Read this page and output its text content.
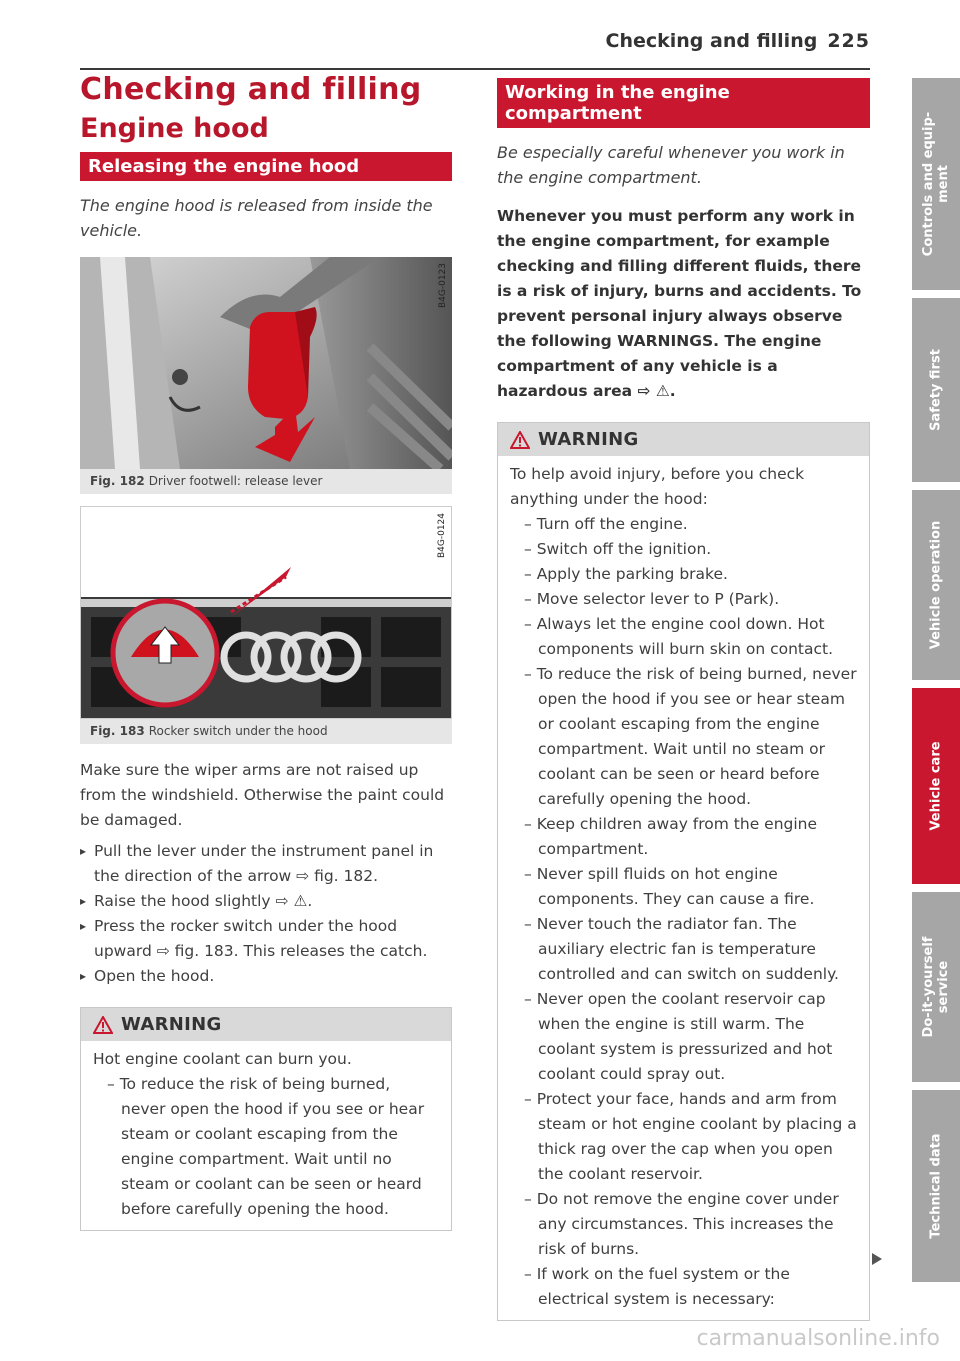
Checking and filling 225
Checking and filling
Engine hood
Releasing the engine hood
The engine hood is released from inside the vehicle.
B4G-0123
Fig. 182 Driver footwell: release lever
B4G-0124
Fig. 183 Rocker switch under the hood
Make sure the wiper arms are not raised up from the windshield. Otherwise the paint could be damaged.
▸ Pull the lever under the instrument panel in the direction of the arrow ⇨ fig. 182.
▸ Raise the hood slightly ⇨ ⚠.
▸ Press the rocker switch under the hood upward ⇨ fig. 183. This releases the catch.
▸ Open the hood.
WARNING
Hot engine coolant can burn you.
– To reduce the risk of being burned, never open the hood if you see or hear steam or coolant escaping from the engine compartment. Wait until no steam or coolant can be seen or heard before carefully opening the hood.
Working in the engine compartment
Be especially careful whenever you work in the engine compartment.
Whenever you must perform any work in the engine compartment, for example checking and filling different fluids, there is a risk of injury, burns and accidents. To prevent personal injury always observe the following WARNINGS. The engine compartment of any vehicle is a hazardous area ⇨ ⚠.
WARNING
To help avoid injury, before you check anything under the hood:
– Turn off the engine.
– Switch off the ignition.
– Apply the parking brake.
– Move selector lever to P (Park).
– Always let the engine cool down. Hot components will burn skin on contact.
– To reduce the risk of being burned, never open the hood if you see or hear steam or coolant escaping from the engine compartment. Wait until no steam or coolant can be seen or heard before carefully opening the hood.
– Keep children away from the engine compartment.
– Never spill fluids on hot engine components. They can cause a fire.
– Never touch the radiator fan. The auxiliary electric fan is temperature controlled and can switch on suddenly.
– Never open the coolant reservoir cap when the engine is still warm. The coolant system is pressurized and hot coolant could spray out.
– Protect your face, hands and arm from steam or hot engine coolant by placing a thick rag over the cap when you open the coolant reservoir.
– Do not remove the engine cover under any circumstances. This increases the risk of burns.
– If work on the fuel system or the electrical system is necessary:
Controls and equip-
ment
Safety first
Vehicle operation
Vehicle care
Do-it-yourself
service
Technical data
carmanualsonline.info
